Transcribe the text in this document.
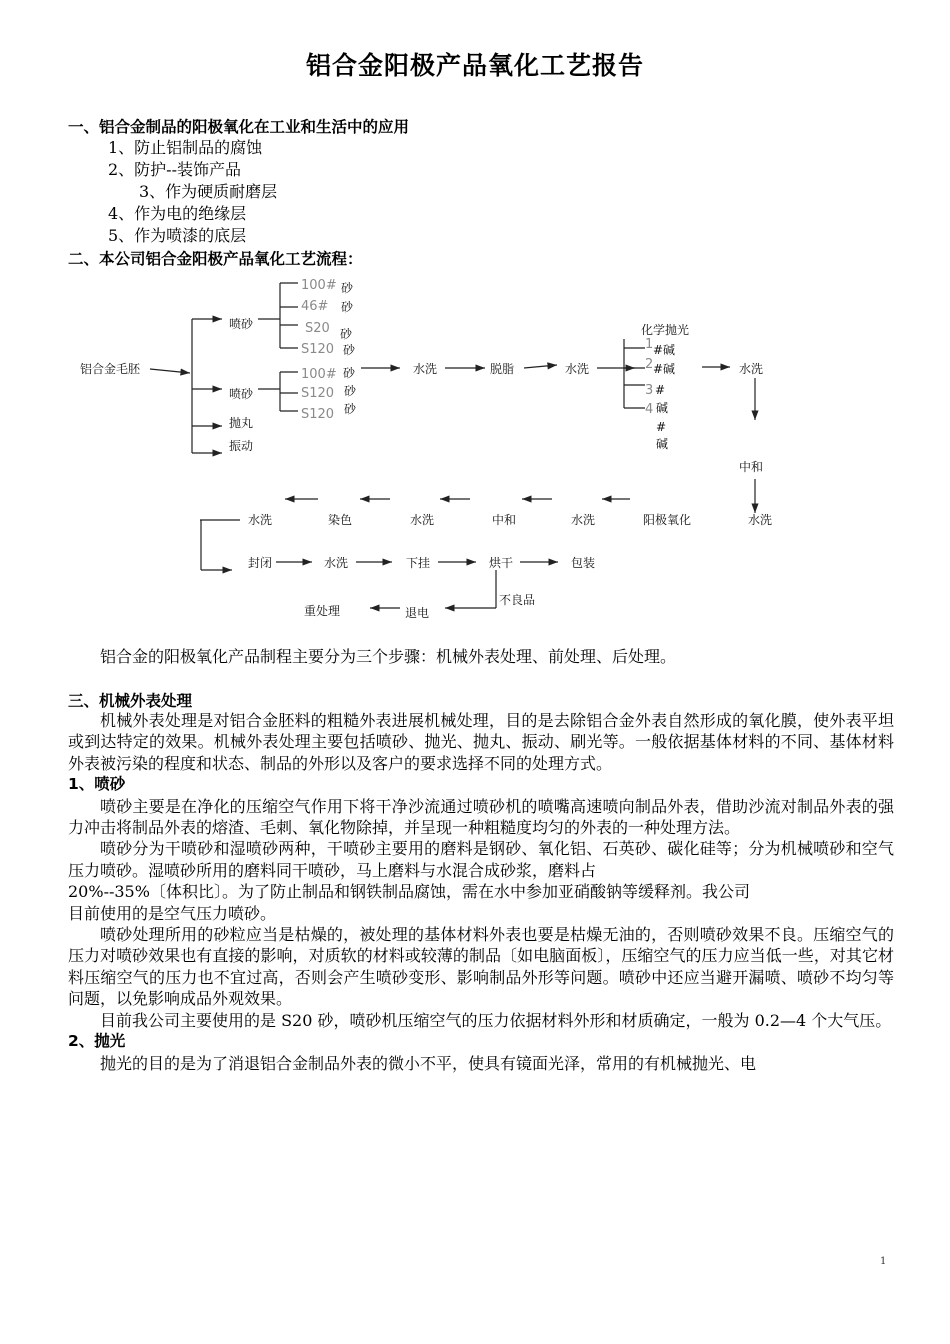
铝合金阳极产品氧化工艺报告
一、铝合金制品的阳极氧化在工业和生活中的应用
1、防止铝制品的腐蚀
2、防护--装饰产品
3、作为硬质耐磨层
4、作为电的绝缘层
5、作为喷漆的底层
二、本公司铝合金阳极产品氧化工艺流程：
铝合金毛胚
喷砂
喷砂
抛丸
振动
100# 砂
46# 砂
S20 砂
S120 砂
100# 砂
S120 砂
S120 砂
水洗	脱脂	水洗
化学抛光
1 #碱
2 #碱
3 #
碱
4
#
碱
水洗
中和
水洗
阳极氧化
水洗
中和
水洗
染色
水洗
封闭	水洗	下挂	烘干	包装
不良品
退电
重处理

铝合金的阳极氧化产品制程主要分为三个步骤：机械外表处理、前处理、后处理。

三、机械外表处理

机械外表处理是对铝合金胚料的粗糙外表进展机械处理，目的是去除铝合金外表自然形成的氧化膜，使外表平坦或到达特定的效果。机械外表处理主要包括喷砂、抛光、抛丸、振动、刷光等。一般依据基体材料的不同、基体材料外表被污染的程度和状态、制品的外形以及客户的要求选择不同的处理方式。

1、喷砂

喷砂主要是在净化的压缩空气作用下将干净沙流通过喷砂机的喷嘴高速喷向制品外表，借助沙流对制品外表的强力冲击将制品外表的熔渣、毛刺、氧化物除掉，并呈现一种粗糙度均匀的外表的一种处理方法。

喷砂分为干喷砂和湿喷砂两种，干喷砂主要用的磨料是钢砂、氧化铝、石英砂、碳化硅等；分为机械喷砂和空气压力喷砂。湿喷砂所用的磨料同干喷砂，马上磨料与水混合成砂浆，磨料占

20%--35%〔体积比〕。为了防止制品和钢铁制品腐蚀，需在水中参加亚硝酸钠等缓释剂。我公司

目前使用的是空气压力喷砂。

喷砂处理所用的砂粒应当是枯燥的，被处理的基体材料外表也要是枯燥无油的，否则喷砂效果不良。压缩空气的压力对喷砂效果也有直接的影响，对质软的材料或较薄的制品〔如电脑面板〕，压缩空气的压力应当低一些，对其它材料压缩空气的压力也不宜过高，否则会产生喷砂变形、影响制品外形等问题。喷砂中还应当避开漏喷、喷砂不均匀等问题，以免影响成品外观效果。

目前我公司主要使用的是 S20 砂，喷砂机压缩空气的压力依据材料外形和材质确定，一般为 0.2—4 个大气压。

2、抛光

抛光的目的是为了消退铝合金制品外表的微小不平，使具有镜面光泽，常用的有机械抛光、电

1
